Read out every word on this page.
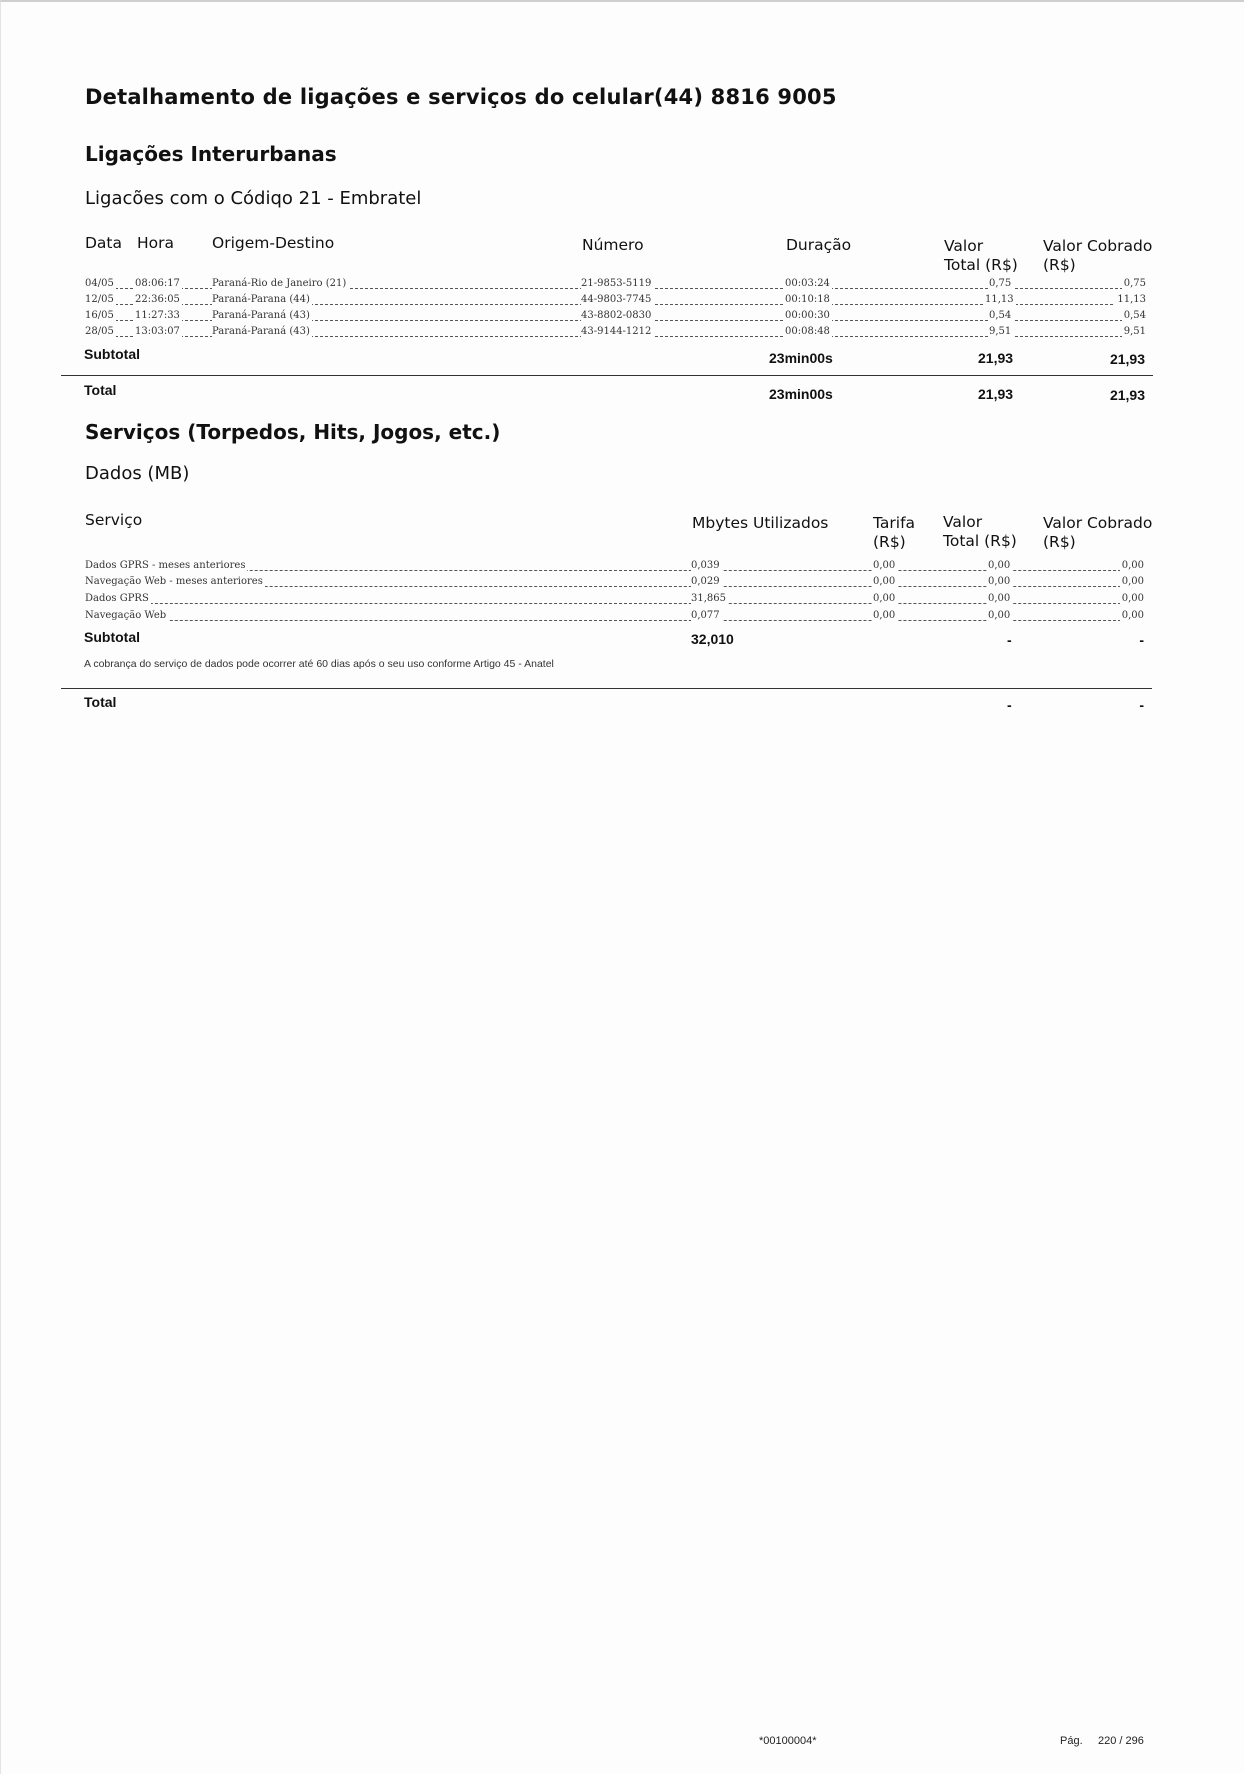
Detalhamento de ligações e serviços do celular(44) 8816 9005
Ligações Interurbanas
Ligacões com o Códiqo 21 - Embratel
Data Hora Origem-Destino	Número	Duração	Valor Total (R$)
Valor Cobrado (R$)
04/05 08:06:17	Paraná-Rio de Janeiro (21)	21-9853-5119	00:03:24	0,75	0,75
12/05 22:36:05	Paraná-Parana (44)	44-9803-7745	00:10:18	11,13	11,13
16/05 11:27:33	Paraná-Paraná (43)	43-8802-0830	00:00:30	0,54	0,54
28/05 13:03:07	Paraná-Paraná (43)	43-9144-1212	00:08:48	9,51	9,51
Subtotal	23min00s	21,93	21,93
Total	23min00s	21,93	21,93
Serviços (Torpedos, Hits, Jogos, etc.)
Dados (MB)
Serviço	Mbytes Utilizados	Tarifa (R$)
Valor Total (R$)
Valor Cobrado (R$)
Dados GPRS - meses anteriores	0,039	0,00	0,00	0,00
Navegação Web - meses anteriores	0,029	0,00	0,00	0,00
Dados GPRS	31,865	0,00	0,00	0,00
Navegação Web	0,077	0,00	0,00	0,00
Subtotal	32,010	-	-
A cobrança do serviço de dados pode ocorrer até 60 dias após o seu uso conforme Artigo 45 - Anatel
Total	-	-
*00100004*	Pág. 220 / 296
